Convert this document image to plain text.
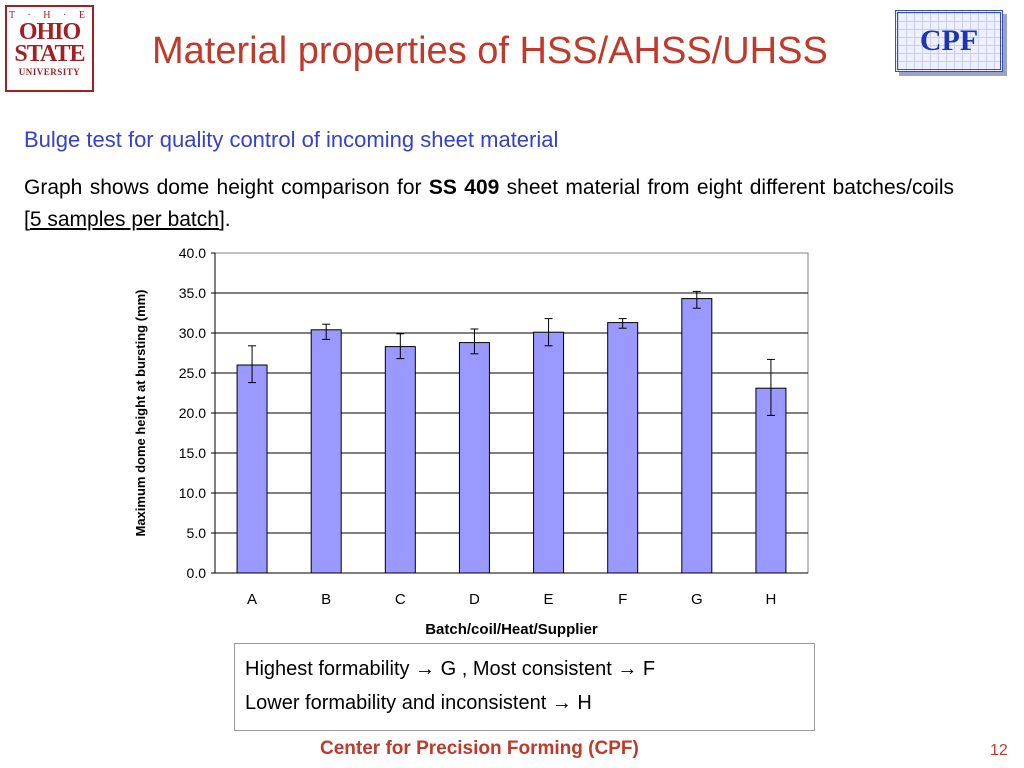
T · H · E
OHIO
STATE
UNIVERSITY	Material properties of HSS/AHSS/UHSS	CPF
Bulge test for quality control of incoming sheet material
Graph shows dome height comparison for SS 409 sheet material from eight different batches/coils [5 samples per batch].
0.0
5.0
10.0
15.0
20.0
25.0
30.0
35.0
40.0
A	B	C	D	E	F	G	H
Batch/coil/Heat/Supplier
Maximum dome height at bursting (mm)
Highest formability → G , Most consistent → F
Lower formability and inconsistent → H
Center for Precision Forming (CPF)	12
